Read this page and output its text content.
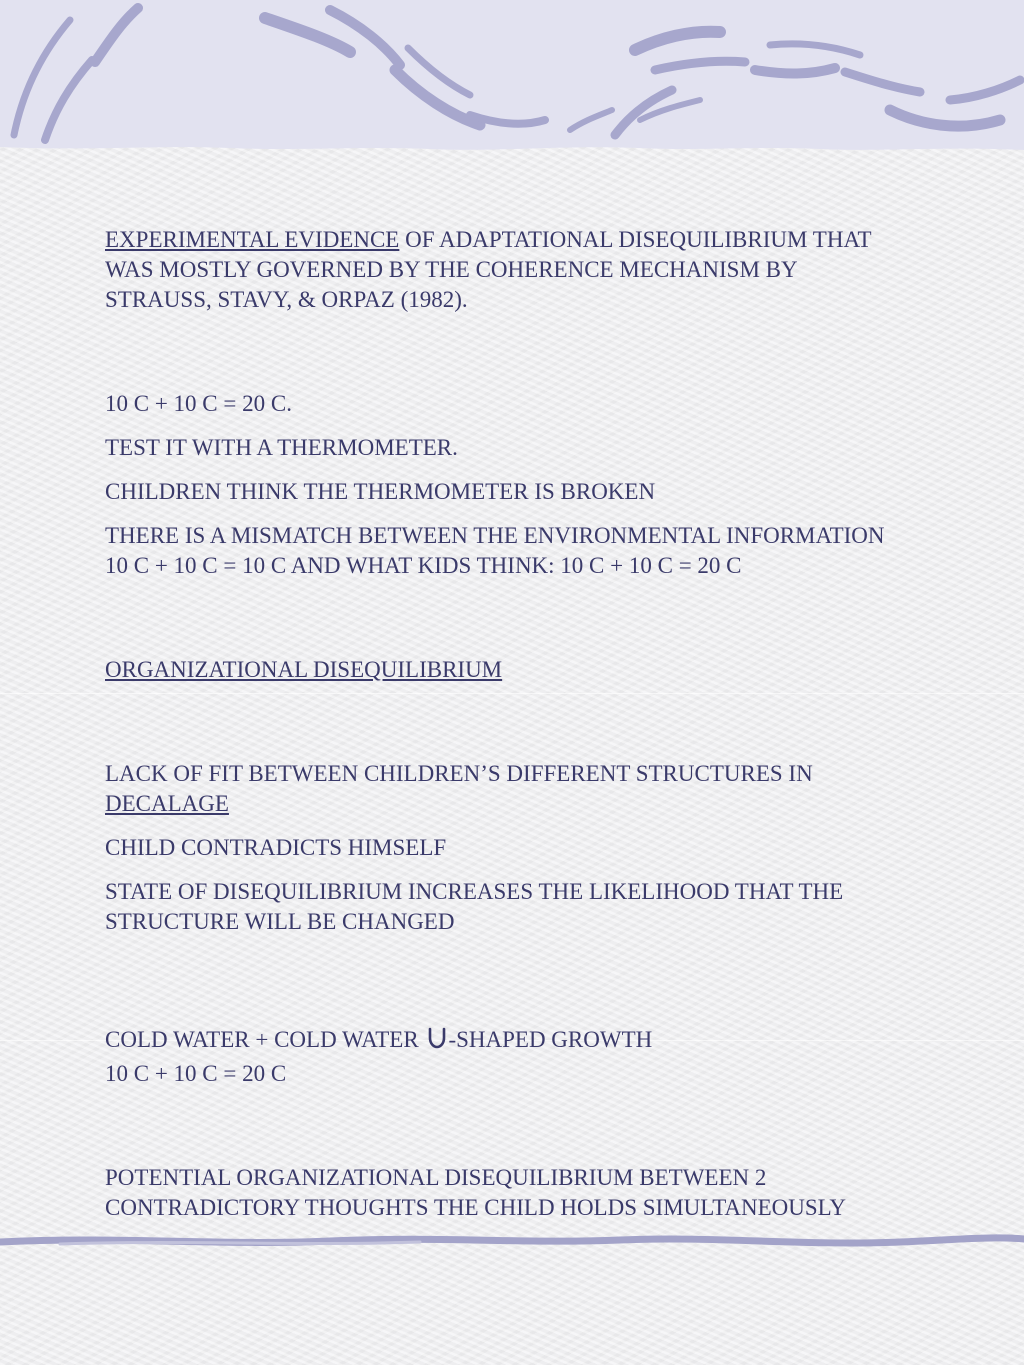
EXPERIMENTAL EVIDENCE OF ADAPTATIONAL DISEQUILIBRIUM THAT WAS MOSTLY GOVERNED BY THE COHERENCE MECHANISM BY STRAUSS, STAVY, & ORPAZ (1982).

10 C + 10 C = 20 C.

TEST IT WITH A THERMOMETER.

CHILDREN THINK THE THERMOMETER IS BROKEN

THERE IS A MISMATCH BETWEEN THE ENVIRONMENTAL INFORMATION 10 C + 10 C = 10 C AND WHAT KIDS THINK: 10 C + 10 C = 20 C

ORGANIZATIONAL DISEQUILIBRIUM

LACK OF FIT BETWEEN CHILDREN’S DIFFERENT STRUCTURES IN DECALAGE

CHILD CONTRADICTS HIMSELF

STATE OF DISEQUILIBRIUM INCREASES THE LIKELIHOOD THAT THE STRUCTURE WILL BE CHANGED

COLD WATER + COLD WATER -SHAPED GROWTH

10 C + 10 C = 20 C

POTENTIAL ORGANIZATIONAL DISEQUILIBRIUM BETWEEN 2 CONTRADICTORY THOUGHTS THE CHILD HOLDS SIMULTANEOUSLY
